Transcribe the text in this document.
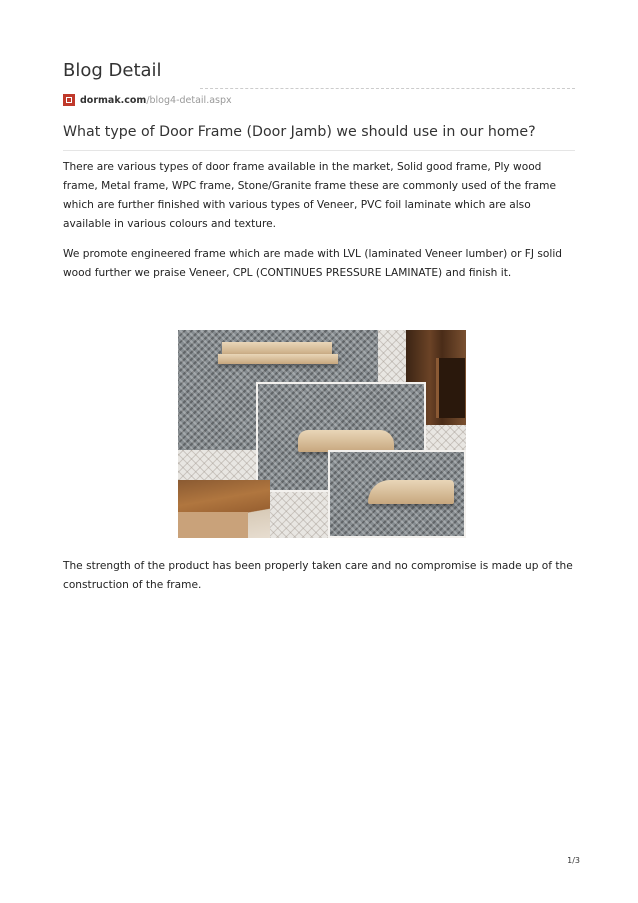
Blog Detail
dormak.com /blog4-detail.aspx
What type of Door Frame (Door Jamb) we should use in our home?

There are various types of door frame available in the market, Solid good frame, Ply wood frame, Metal frame, WPC frame, Stone/Granite frame these are commonly used of the frame which are further finished with various types of Veneer, PVC foil laminate which are also available in various colours and texture.

We promote engineered frame which are made with LVL (laminated Veneer lumber) or FJ solid wood further we praise Veneer, CPL (CONTINUES PRESSURE LAMINATE) and finish it.

The strength of the product has been properly taken care and no compromise is made up of the construction of the frame.

1/3
